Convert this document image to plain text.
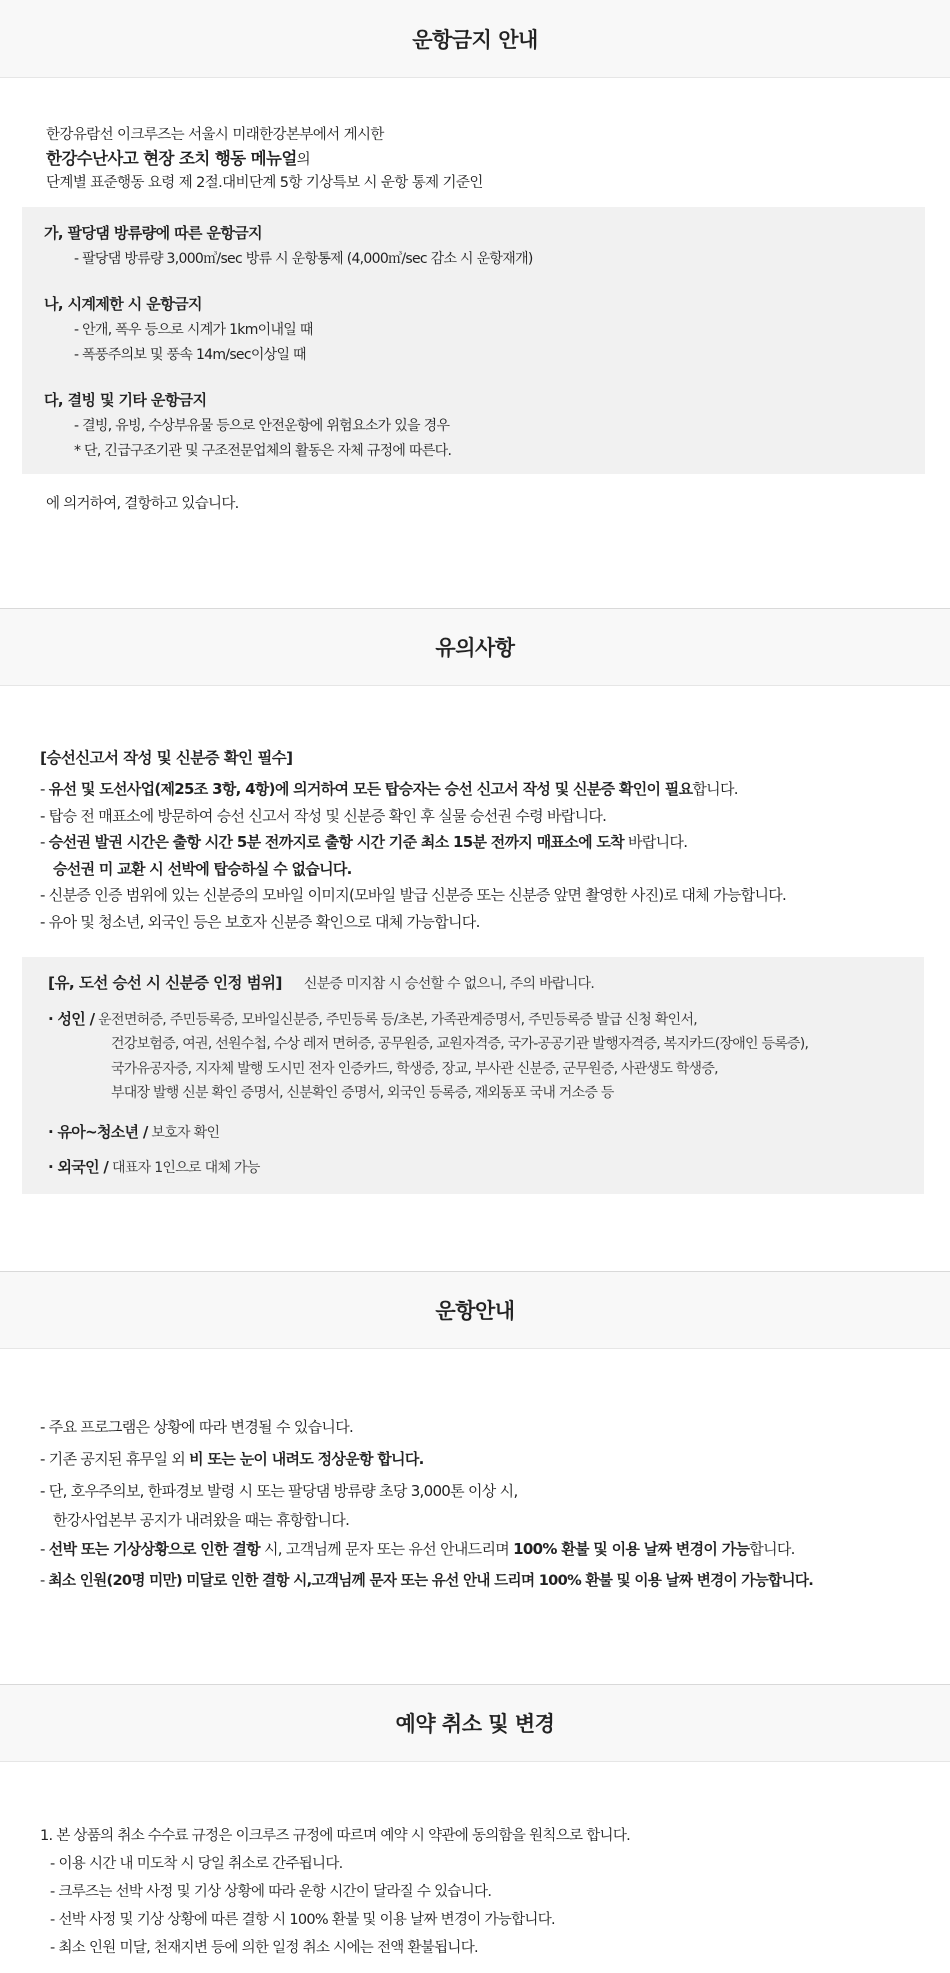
운항금지 안내
한강유람선 이크루즈는 서울시 미래한강본부에서 게시한
한강수난사고 현장 조치 행동 메뉴얼의
단계별 표준행동 요령 제 2절.대비단계 5항 기상특보 시 운항 통제 기준인
가, 팔당댐 방류량에 따른 운항금지
- 팔당댐 방류량 3,000㎥/sec 방류 시 운항통제 (4,000㎥/sec 감소 시 운항재개)
나, 시계제한 시 운항금지
- 안개, 폭우 등으로 시계가 1km이내일 때
- 폭풍주의보 및 풍속 14m/sec이상일 때
다, 결빙 및 기타 운항금지
- 결빙, 유빙, 수상부유물 등으로 안전운항에 위험요소가 있을 경우
* 단, 긴급구조기관 및 구조전문업체의 활동은 자체 규정에 따른다.
에 의거하여, 결항하고 있습니다.
유의사항
[승선신고서 작성 및 신분증 확인 필수]
- 유선 및 도선사업(제25조 3항, 4항)에 의거하여 모든 탑승자는 승선 신고서 작성 및 신분증 확인이 필요합니다.
- 탑승 전 매표소에 방문하여 승선 신고서 작성 및 신분증 확인 후 실물 승선권 수령 바랍니다.
- 승선권 발권 시간은 출항 시간 5분 전까지로 출항 시간 기준 최소 15분 전까지 매표소에 도착 바랍니다.
승선권 미 교환 시 선박에 탑승하실 수 없습니다.
- 신분증 인증 범위에 있는 신분증의 모바일 이미지(모바일 발급 신분증 또는 신분증 앞면 촬영한 사진)로 대체 가능합니다.
- 유아 및 청소년, 외국인 등은 보호자 신분증 확인으로 대체 가능합니다.
[유, 도선 승선 시 신분증 인정 범위] 신분증 미지참 시 승선할 수 없으니, 주의 바랍니다.
· 성인 / 운전면허증, 주민등록증, 모바일신분증, 주민등록 등/초본, 가족관계증명서, 주민등록증 발급 신청 확인서,
건강보험증, 여권, 선원수첩, 수상 레저 면허증, 공무원증, 교원자격증, 국가-공공기관 발행자격증, 복지카드(장애인 등록증),
국가유공자증, 지자체 발행 도시민 전자 인증카드, 학생증, 장교, 부사관 신분증, 군무원증, 사관생도 학생증,
부대장 발행 신분 확인 증명서, 신분확인 증명서, 외국인 등록증, 재외동포 국내 거소증 등
· 유아~청소년 / 보호자 확인
· 외국인 / 대표자 1인으로 대체 가능
운항안내
- 주요 프로그램은 상황에 따라 변경될 수 있습니다.
- 기존 공지된 휴무일 외 비 또는 눈이 내려도 정상운항 합니다.
- 단, 호우주의보, 한파경보 발령 시 또는 팔당댐 방류량 초당 3,000톤 이상 시,
한강사업본부 공지가 내려왔을 때는 휴항합니다.
- 선박 또는 기상상황으로 인한 결항 시, 고객님께 문자 또는 유선 안내드리며 100% 환불 및 이용 날짜 변경이 가능합니다.
- 최소 인원(20명 미만) 미달로 인한 결항 시,고객님께 문자 또는 유선 안내 드리며 100% 환불 및 이용 날짜 변경이 가능합니다.
예약 취소 및 변경
1. 본 상품의 취소 수수료 규정은 이크루즈 규정에 따르며 예약 시 약관에 동의함을 원칙으로 합니다.
- 이용 시간 내 미도착 시 당일 취소로 간주됩니다.
- 크루즈는 선박 사정 및 기상 상황에 따라 운항 시간이 달라질 수 있습니다.
- 선박 사정 및 기상 상황에 따른 결항 시 100% 환불 및 이용 날짜 변경이 가능합니다.
- 최소 인원 미달, 천재지변 등에 의한 일정 취소 시에는 전액 환불됩니다.
